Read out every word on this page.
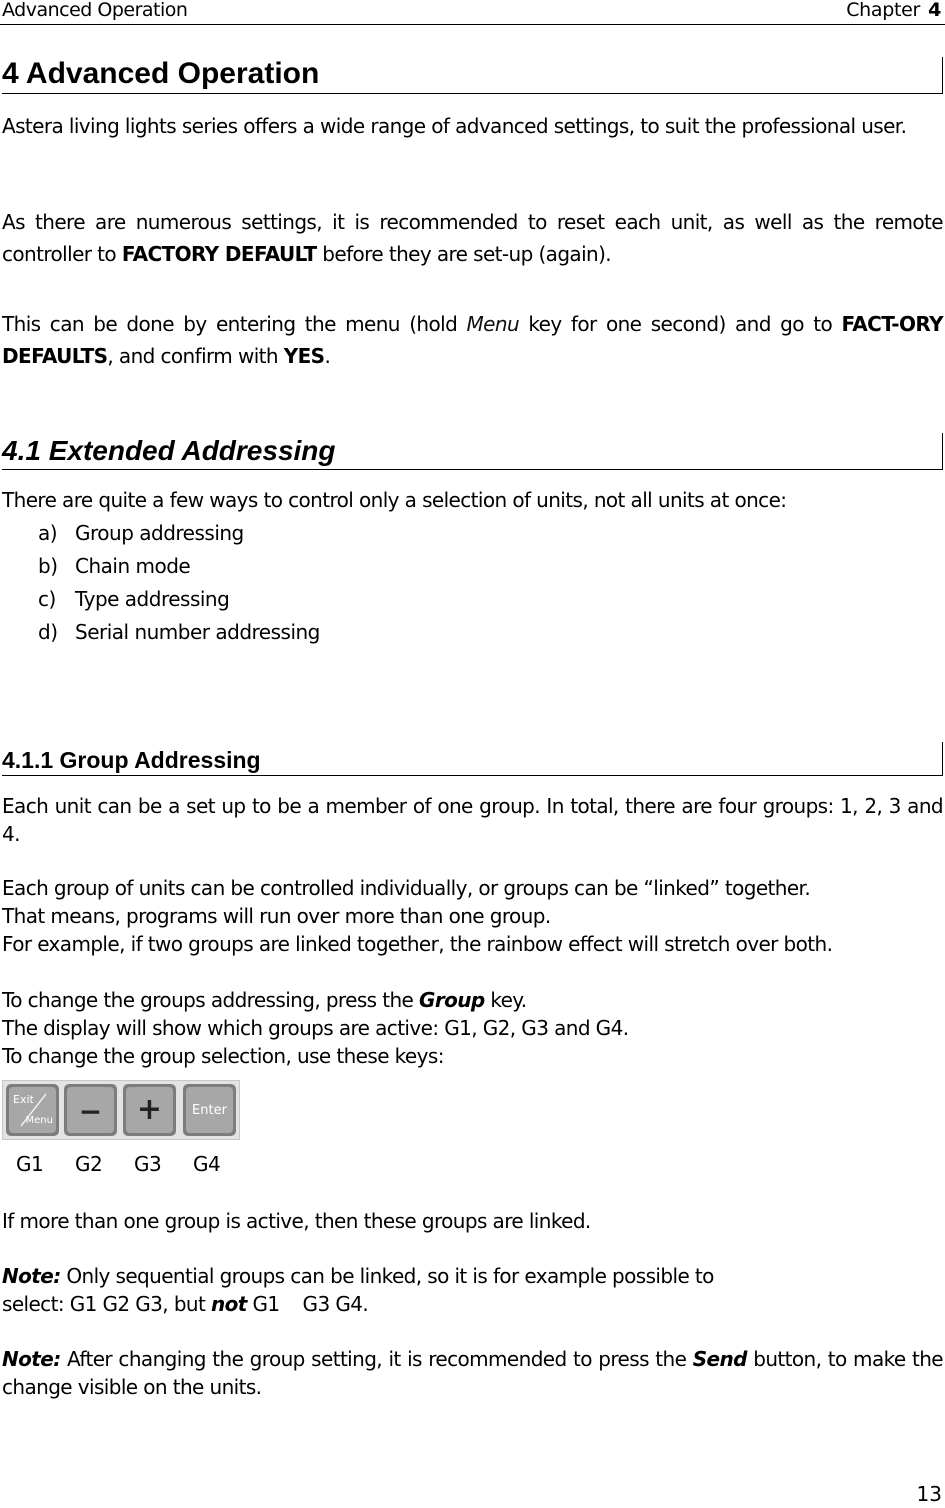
Advanced Operation	Chapter 4
4 Advanced Operation
Astera living lights series offers a wide range of advanced settings, to suit the professional user.
As there are numerous settings, it is recommended to reset each unit, as well as the remote controller to FACTORY DEFAULT before they are set-up (again).
This can be done by entering the menu (hold Menu key for one second) and go to FACT-ORY DEFAULTS, and confirm with YES.
4.1 Extended Addressing
There are quite a few ways to control only a selection of units, not all units at once:
a) Group addressing
b) Chain mode
c) Type addressing
d) Serial number addressing
4.1.1 Group Addressing
Each unit can be a set up to be a member of one group. In total, there are four groups: 1, 2, 3 and 4.
Each group of units can be controlled individually, or groups can be “linked” together.
That means, programs will run over more than one group.
For example, if two groups are linked together, the rainbow effect will stretch over both.
To change the groups addressing, press the Group key.
The display will show which groups are active: G1, G2, G3 and G4.
To change the group selection, use these keys:
Exit
Menu −	+	Enter
G1 G2 G3 G4
If more than one group is active, then these groups are linked.
Note: Only sequential groups can be linked, so it is for example possible to
select: G1 G2 G3, but not G1    G3 G4.
Note: After changing the group setting, it is recommended to press the Send button, to make the change visible on the units.
13
